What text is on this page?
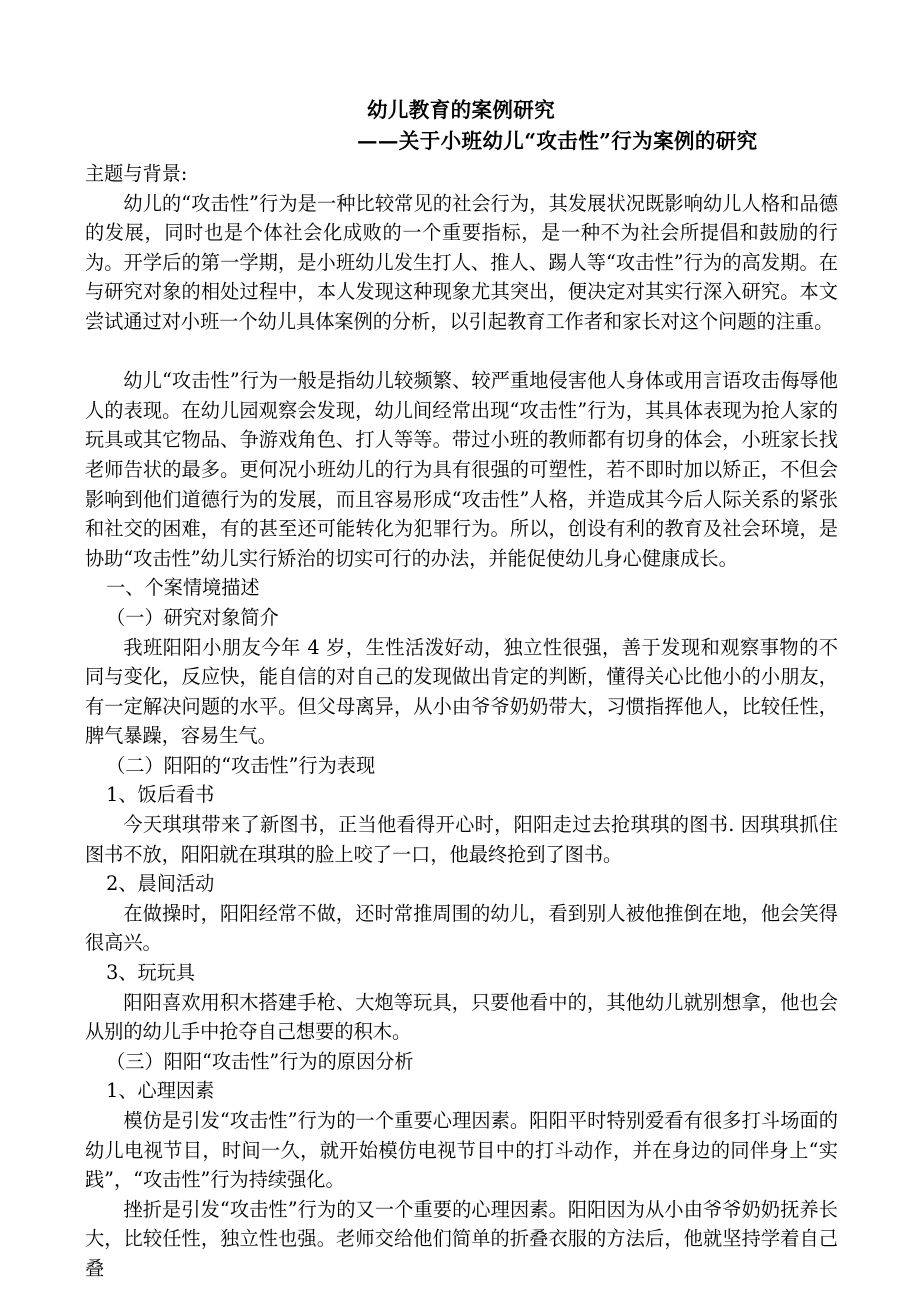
幼儿教育的案例研究
——关于小班幼儿“攻击性”行为案例的研究

主题与背景:

幼儿的“攻击性”行为是一种比较常见的社会行为，其发展状况既影响幼儿人格和品德的发展，同时也是个体社会化成败的一个重要指标，是一种不为社会所提倡和鼓励的行为。开学后的第一学期，是小班幼儿发生打人、推人、踢人等“攻击性”行为的高发期。在与研究对象的相处过程中，本人发现这种现象尤其突出，便决定对其实行深入研究。本文尝试通过对小班一个幼儿具体案例的分析，以引起教育工作者和家长对这个问题的注重。

幼儿“攻击性”行为一般是指幼儿较频繁、较严重地侵害他人身体或用言语攻击侮辱他人的表现。在幼儿园观察会发现，幼儿间经常出现“攻击性”行为，其具体表现为抢人家的玩具或其它物品、争游戏角色、打人等等。带过小班的教师都有切身的体会，小班家长找老师告状的最多。更何况小班幼儿的行为具有很强的可塑性，若不即时加以矫正，不但会影响到他们道德行为的发展，而且容易形成“攻击性”人格，并造成其今后人际关系的紧张和社交的困难，有的甚至还可能转化为犯罪行为。所以，创设有利的教育及社会环境，是协助“攻击性”幼儿实行矫治的切实可行的办法，并能促使幼儿身心健康成长。

一、个案情境描述

（一）研究对象简介

我班阳阳小朋友今年 4 岁，生性活泼好动，独立性很强，善于发现和观察事物的不同与变化，反应快，能自信的对自己的发现做出肯定的判断，懂得关心比他小的小朋友，有一定解决问题的水平。但父母离异，从小由爷爷奶奶带大，习惯指挥他人，比较任性，脾气暴躁，容易生气。

（二）阳阳的“攻击性”行为表现

1、饭后看书

今天琪琪带来了新图书，正当他看得开心时，阳阳走过去抢琪琪的图书. 因琪琪抓住图书不放，阳阳就在琪琪的脸上咬了一口，他最终抢到了图书。

2、晨间活动

在做操时，阳阳经常不做，还时常推周围的幼儿，看到别人被他推倒在地，他会笑得很高兴。

3、玩玩具

阳阳喜欢用积木搭建手枪、大炮等玩具，只要他看中的，其他幼儿就别想拿，他也会从别的幼儿手中抢夺自己想要的积木。

（三）阳阳“攻击性”行为的原因分析

1、心理因素

模仿是引发“攻击性”行为的一个重要心理因素。阳阳平时特别爱看有很多打斗场面的幼儿电视节目，时间一久，就开始模仿电视节目中的打斗动作，并在身边的同伴身上“实践”，“攻击性”行为持续强化。

挫折是引发“攻击性”行为的又一个重要的心理因素。阳阳因为从小由爷爷奶奶抚养长大，比较任性，独立性也强。老师交给他们简单的折叠衣服的方法后，他就坚持学着自己叠
